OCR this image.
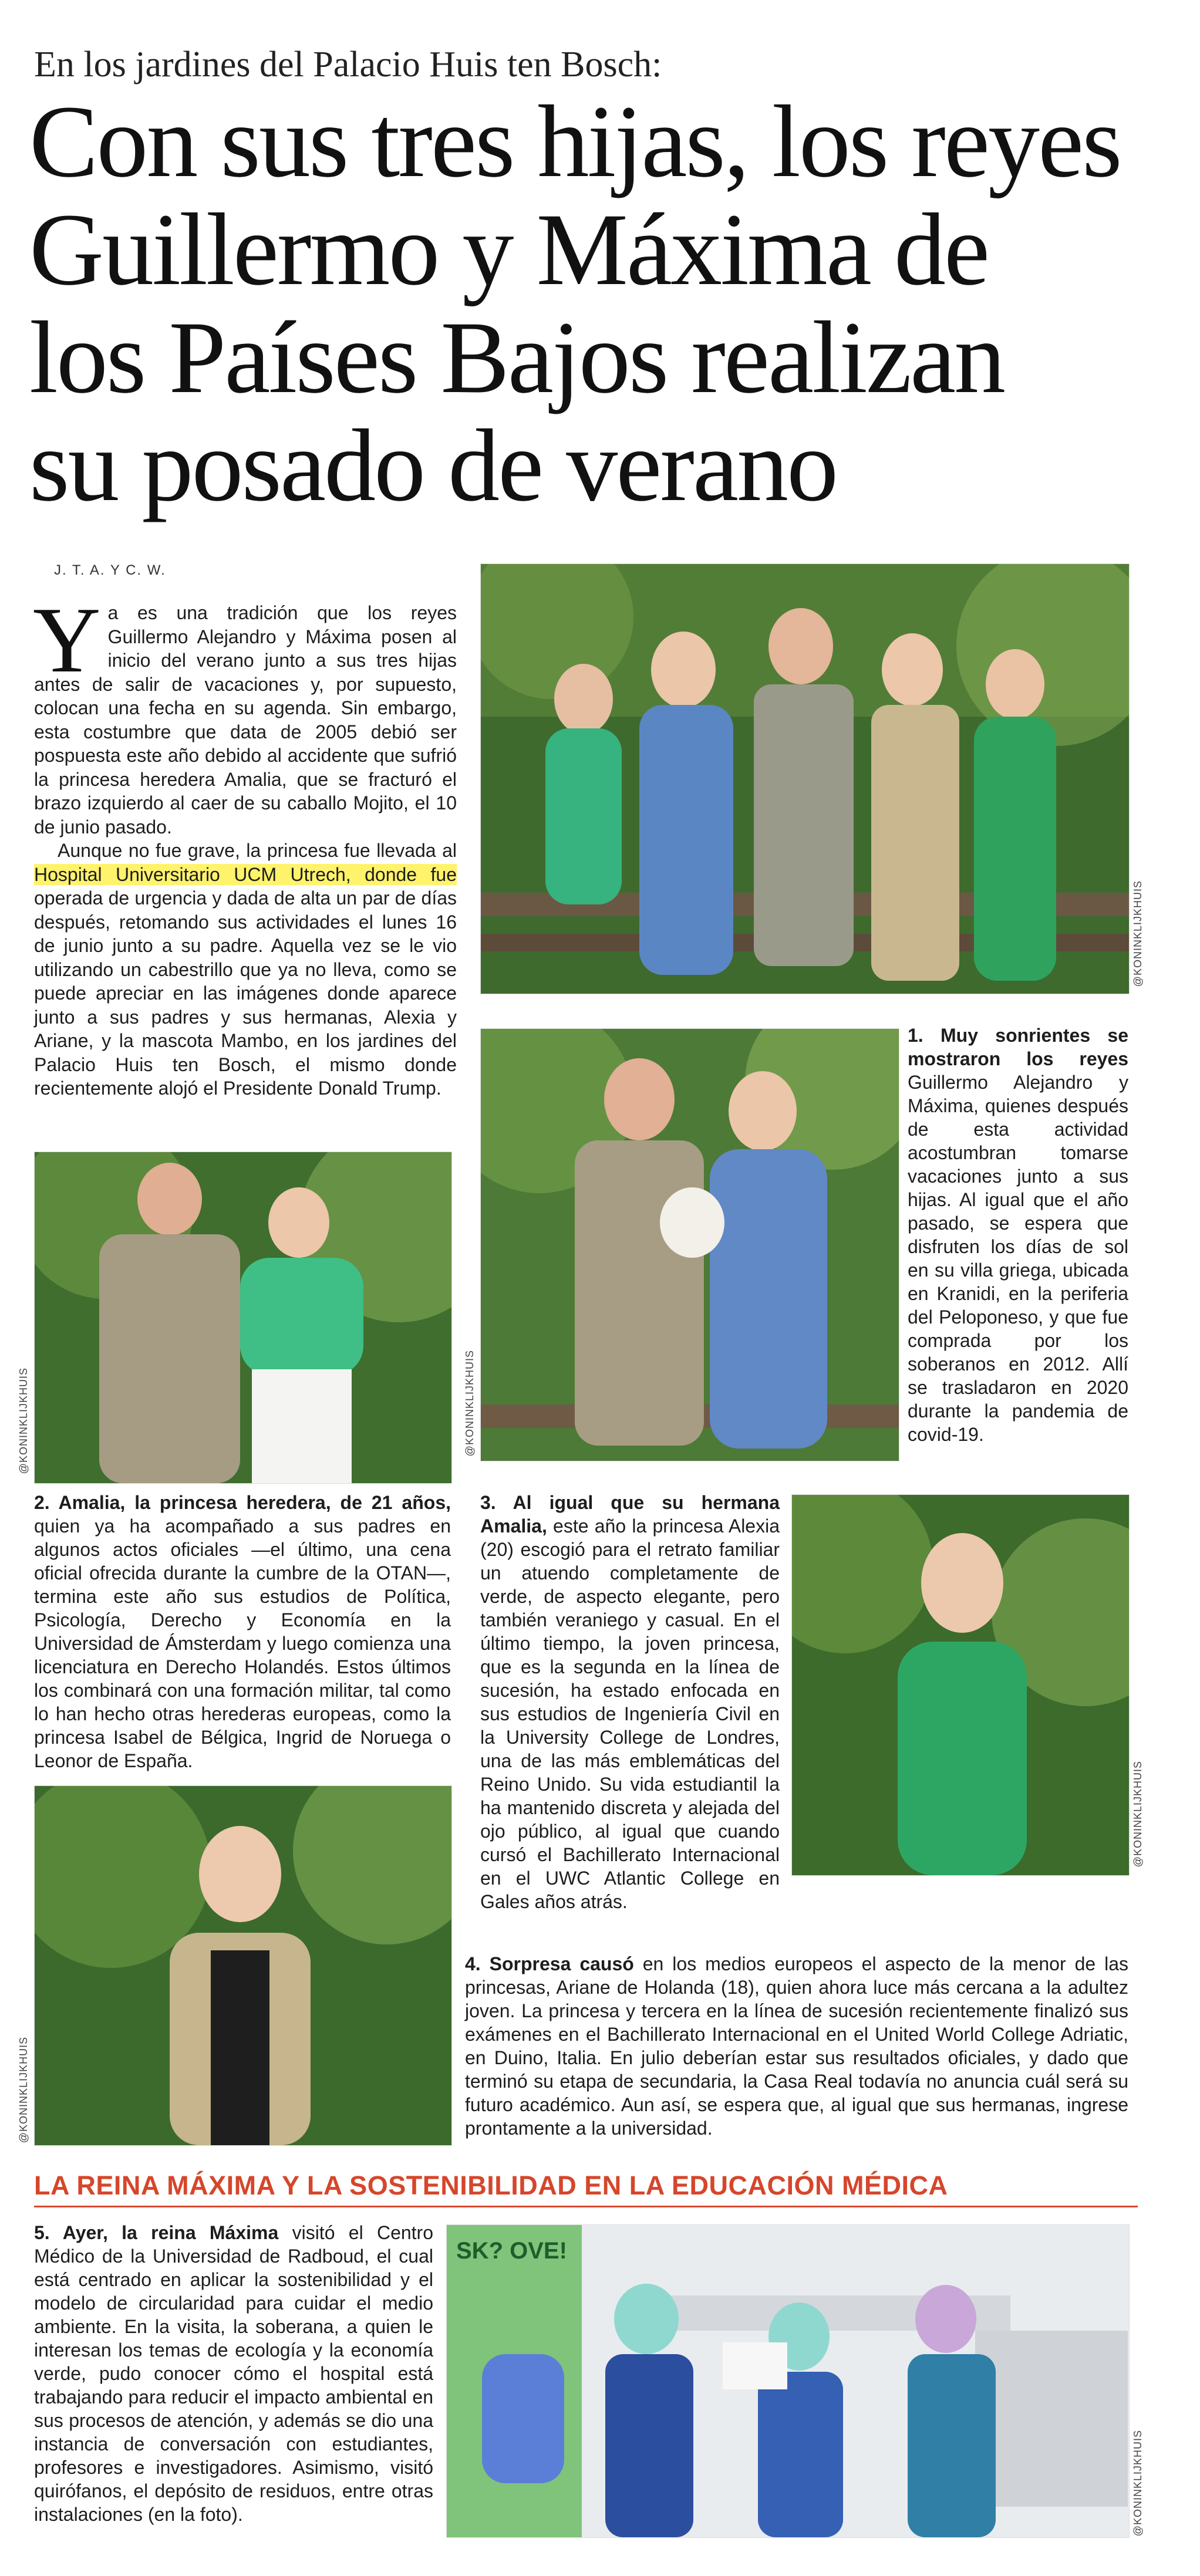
En los jardines del Palacio Huis ten Bosch:
Con sus tres hijas, los reyes
Guillermo y Máxima de
los Países Bajos realizan
su posado de verano
J. T. A. Y C. W.

Ya es una tradición que los reyes Guillermo Alejandro y Máxima posen al inicio del verano junto a sus tres hijas antes de salir de vacaciones y, por supuesto, colocan una fecha en su agenda. Sin embargo, esta costumbre que data de 2005 debió ser pospuesta este año debido al accidente que sufrió la princesa heredera Amalia, que se fracturó el brazo izquierdo al caer de su caballo Mojito, el 10 de junio pasado.

Aunque no fue grave, la princesa fue llevada al Hospital Universitario UCM Utrech, donde fue operada de urgencia y dada de alta un par de días después, retomando sus actividades el lunes 16 de junio junto a su padre. Aquella vez se le vio utilizando un cabestrillo que ya no lleva, como se puede apreciar en las imágenes donde aparece junto a sus padres y sus hermanas, Alexia y Ariane, y la mascota Mambo, en los jardines del Palacio Huis ten Bosch, el mismo donde recientemente alojó el Presidente Donald Trump.

@KONINKLIJKHUIS
@KONINKLIJKHUIS
1. Muy sonrientes se mostraron los reyes Guillermo Alejandro y Máxima, quienes después de esta actividad acostumbran tomarse vacaciones junto a sus hijas. Al igual que el año pasado, se espera que disfruten los días de sol en su villa griega, ubicada en Kranidi, en la periferia del Peloponeso, y que fue comprada por los soberanos en 2012. Allí se trasladaron en 2020 durante la pandemia de covid-19.
@KONINKLIJKHUIS
2. Amalia, la princesa heredera, de 21 años, quien ya ha acompañado a sus padres en algunos actos oficiales —el último, una cena oficial ofrecida durante la cumbre de la OTAN—, termina este año sus estudios de Política, Psicología, Derecho y Economía en la Universidad de Ámsterdam y luego comienza una licenciatura en Derecho Holandés. Estos últimos los combinará con una formación militar, tal como lo han hecho otras herederas europeas, como la princesa Isabel de Bélgica, Ingrid de Noruega o Leonor de España.
3. Al igual que su hermana Amalia, este año la princesa Alexia (20) escogió para el retrato familiar un atuendo completamente de verde, de aspecto elegante, pero también veraniego y casual. En el último tiempo, la joven princesa, que es la segunda en la línea de sucesión, ha estado enfocada en sus estudios de Ingeniería Civil en la University College de Londres, una de las más emblemáticas del Reino Unido. Su vida estudiantil la ha mantenido discreta y alejada del ojo público, al igual que cuando cursó el Bachillerato Internacional en el UWC Atlantic College en Gales años atrás.
@KONINKLIJKHUIS
@KONINKLIJKHUIS
4. Sorpresa causó en los medios europeos el aspecto de la menor de las princesas, Ariane de Holanda (18), quien ahora luce más cercana a la adultez joven. La princesa y tercera en la línea de sucesión recientemente finalizó sus exámenes en el Bachillerato Internacional en el United World College Adriatic, en Duino, Italia. En julio deberían estar sus resultados oficiales, y dado que terminó su etapa de secundaria, la Casa Real todavía no anuncia cuál será su futuro académico. Aun así, se espera que, al igual que sus hermanas, ingrese prontamente a la universidad.
LA REINA MÁXIMA Y LA SOSTENIBILIDAD EN LA EDUCACIÓN MÉDICA
5. Ayer, la reina Máxima visitó el Centro Médico de la Universidad de Radboud, el cual está centrado en aplicar la sostenibilidad y el modelo de circularidad para cuidar el medio ambiente. En la visita, la soberana, a quien le interesan los temas de ecología y la economía verde, pudo conocer cómo el hospital está trabajando para reducir el impacto ambiental en sus procesos de atención, y además se dio una instancia de conversación con estudiantes, profesores e investigadores. Asimismo, visitó quirófanos, el depósito de residuos, entre otras instalaciones (en la foto).
SK? OVE!
@KONINKLIJKHUIS
